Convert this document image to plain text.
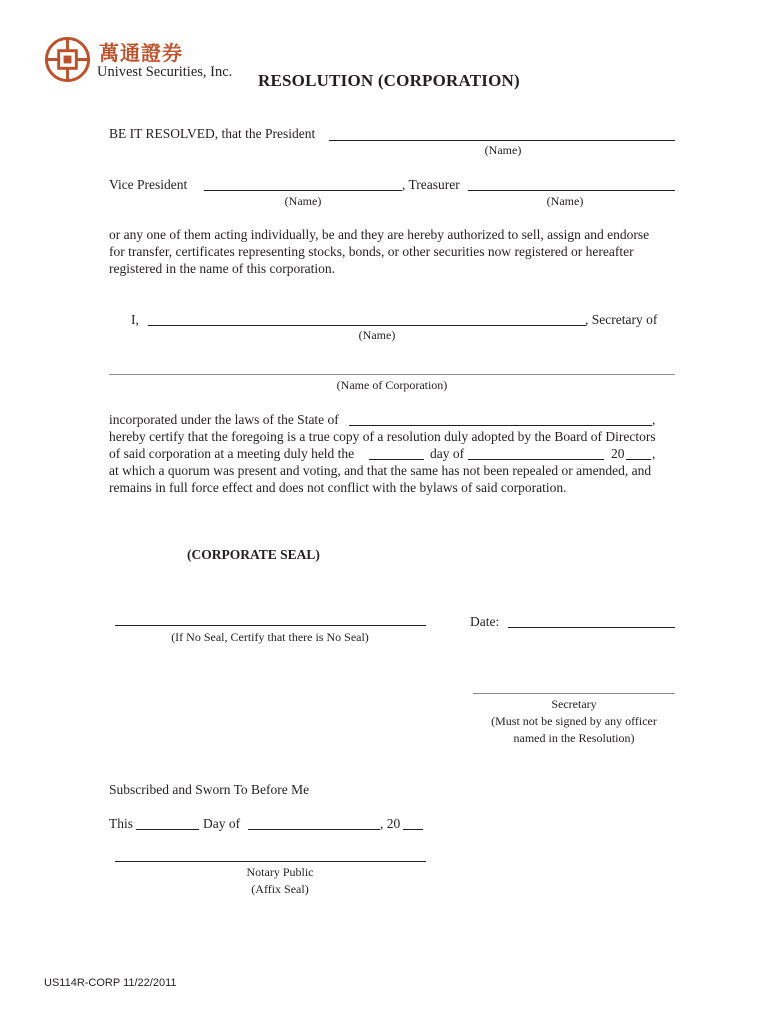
萬通證券
Univest Securities, Inc. RESOLUTION (CORPORATION)
BE IT RESOLVED, that the President
(Name)
Vice President	, Treasurer
(Name)	(Name)
or any one of them acting individually, be and they are hereby authorized to sell, assign and endorse
for transfer, certificates representing stocks, bonds, or other securities now registered or hereafter
registered in the name of this corporation.
I,	, Secretary of
(Name)
(Name of Corporation)
incorporated under the laws of the State of	,
hereby certify that the foregoing is a true copy of a resolution duly adopted by the Board of Directors
of said corporation at a meeting duly held the	day of	20 ,
at which a quorum was present and voting, and that the same has not been repealed or amended, and
remains in full force effect and does not conflict with the bylaws of said corporation.
(CORPORATE SEAL)
(If No Seal, Certify that there is No Seal)
Date:
Secretary
(Must not be signed by any officer
named in the Resolution)
Subscribed and Sworn To Before Me
This	Day of	, 20
Notary Public
(Affix Seal)
US114R-CORP 11/22/2011
